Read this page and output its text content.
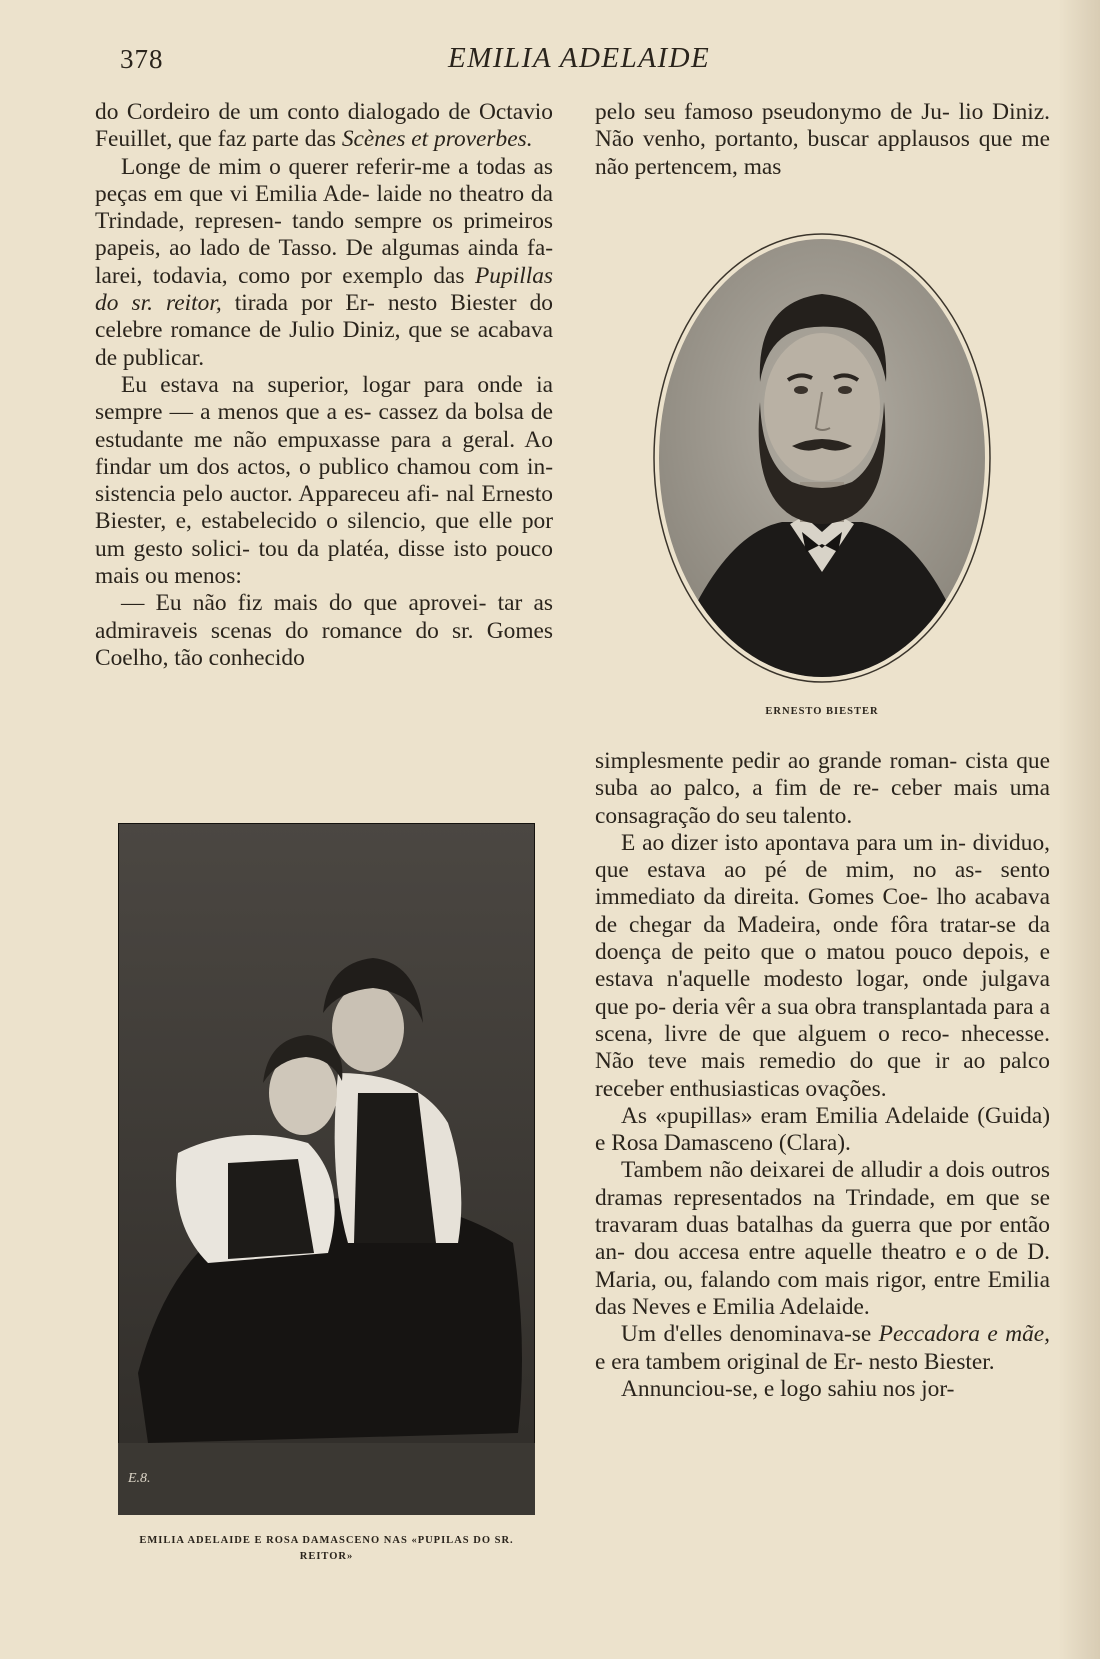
378	EMILIA ADELAIDE

do Cordeiro de um conto dialogado de Octavio Feuillet, que faz parte das Scènes et proverbes.

Longe de mim o querer referir-me a todas as peças em que vi Emilia Ade- laide no theatro da Trindade, represen- tando sempre os primeiros papeis, ao lado de Tasso. De algumas ainda fa- larei, todavia, como por exemplo das Pupillas do sr. reitor, tirada por Er- nesto Biester do celebre romance de Julio Diniz, que se acabava de publicar.

Eu estava na superior, logar para onde ia sempre — a menos que a es- cassez da bolsa de estudante me não empuxasse para a geral. Ao findar um dos actos, o publico chamou com in- sistencia pelo auctor. Appareceu afi- nal Ernesto Biester, e, estabelecido o silencio, que elle por um gesto solici- tou da platéa, disse isto pouco mais ou menos:

— Eu não fiz mais do que aprovei- tar as admiraveis scenas do romance do sr. Gomes Coelho, tão conhecido

pelo seu famoso pseudonymo de Ju- lio Diniz. Não venho, portanto, buscar applausos que me não pertencem, mas

ERNESTO BIESTER

simplesmente pedir ao grande roman- cista que suba ao palco, a fim de re- ceber mais uma consagração do seu talento.

E ao dizer isto apontava para um in- dividuo, que estava ao pé de mim, no as- sento immediato da direita. Gomes Coe- lho acabava de chegar da Madeira, onde fôra tratar-se da doença de peito que o matou pouco depois, e estava n'aquelle modesto logar, onde julgava que po- deria vêr a sua obra transplantada para a scena, livre de que alguem o reco- nhecesse. Não teve mais remedio do que ir ao palco receber enthusiasticas ovações.

As «pupillas» eram Emilia Adelaide (Guida) e Rosa Damasceno (Clara).

Tambem não deixarei de alludir a dois outros dramas representados na Trindade, em que se travaram duas batalhas da guerra que por então an- dou accesa entre aquelle theatro e o de D. Maria, ou, falando com mais rigor, entre Emilia das Neves e Emilia Adelaide.

Um d'elles denominava-se Peccadora e mãe, e era tambem original de Er- nesto Biester.

Annunciou-se, e logo sahiu nos jor-

E.8.
EMILIA ADELAIDE E ROSA DAMASCENO NAS «PUPILAS DO SR. REITOR»
